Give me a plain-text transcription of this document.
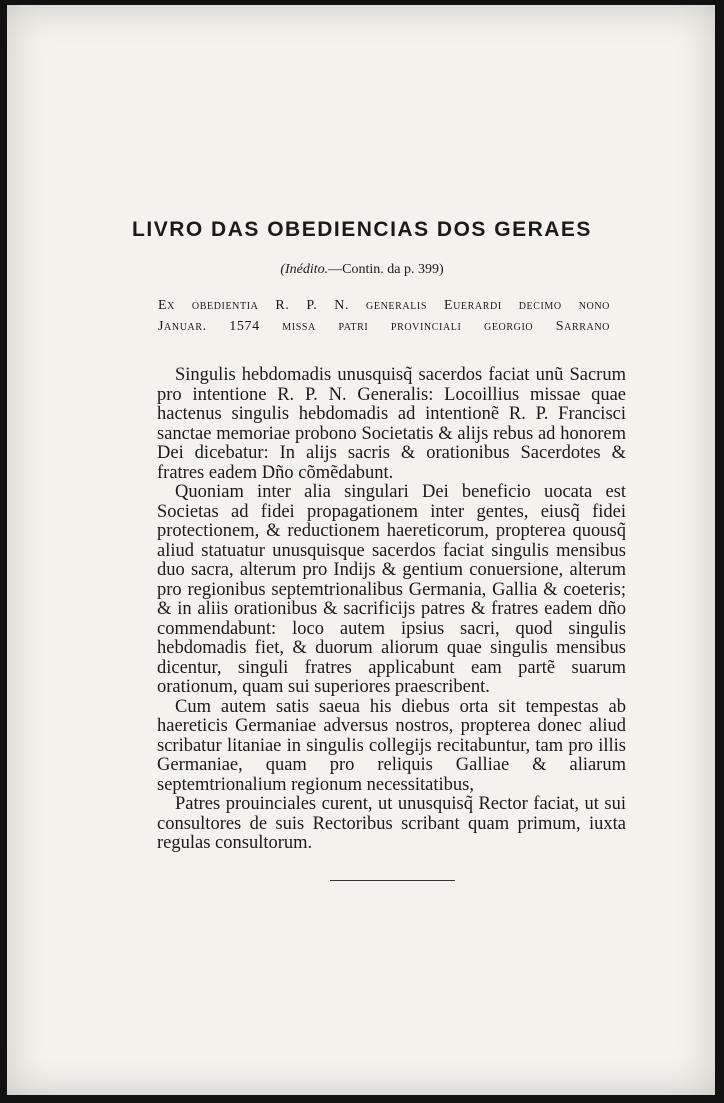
LIVRO DAS OBEDIENCIAS DOS GERAES
(Inédito.—Contin. da p. 399)
Ex obedientia R. P. N. generalis Euerardi decimo nono
Januar. 1574 missa patri provinciali georgio Sarrano

Singulis hebdomadis unusquisq̃ sacerdos faciat unũ Sacrum pro intentione R. P. N. Generalis: Locoillius missae quae hactenus singulis hebdomadis ad intentionẽ R. P. Francisci sanctae memoriae probono Societatis & alijs rebus ad honorem Dei dicebatur: In alijs sacris & orationibus Sacerdotes & fratres eadem Dño cõmẽdabunt.

Quoniam inter alia singulari Dei beneficio uocata est Societas ad fidei propagationem inter gentes, eiusq̃ fidei protectionem, & reductionem haereticorum, propterea quousq̃ aliud statuatur unusquisque sacerdos faciat singulis mensibus duo sacra, alterum pro Indijs & gentium conuersione, alterum pro regionibus septemtrionalibus Germania, Gallia & coeteris; & in aliis orationibus & sacrificijs patres & fratres eadem dño commendabunt: loco autem ipsius sacri, quod singulis hebdomadis fiet, & duorum aliorum quae singulis mensibus dicentur, singuli fratres applicabunt eam partẽ suarum orationum, quam sui superiores praescribent.

Cum autem satis saeua his diebus orta sit tempestas ab haereticis Germaniae adversus nostros, propterea donec aliud scribatur litaniae in singulis collegijs recitabuntur, tam pro illis Germaniae, quam pro reliquis Galliae & aliarum septemtrionalium regionum necessitatibus,

Patres prouinciales curent, ut unusquisq̃ Rector faciat, ut sui consultores de suis Rectoribus scribant quam primum, iuxta regulas consultorum.
